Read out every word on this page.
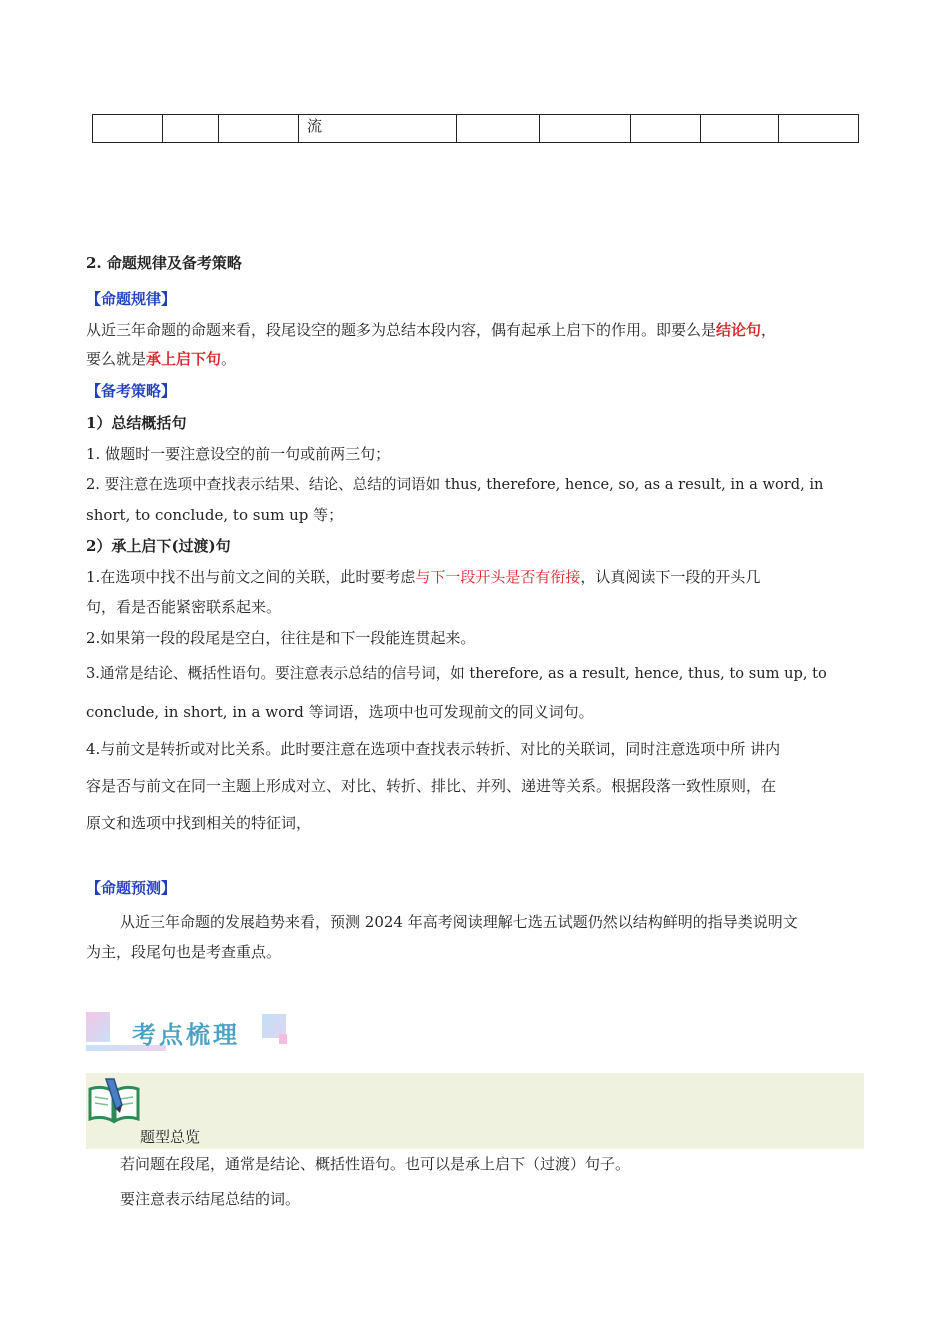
			流					
2. 命题规律及备考策略
【命题规律】
从近三年命题的命题来看，段尾设空的题多为总结本段内容，偶有起承上启下的作用。即要么是结论句，
要么就是承上启下句。
【备考策略】
1）总结概括句
1. 做题时一要注意设空的前一句或前两三句；
2. 要注意在选项中查找表示结果、结论、总结的词语如 thus, therefore, hence, so, as a result, in a word, in
short, to conclude, to sum up 等；
2）承上启下(过渡)句
1.在选项中找不出与前文之间的关联，此时要考虑与下一段开头是否有衔接，认真阅读下一段的开头几
句，看是否能紧密联系起来。
2.如果第一段的段尾是空白，往往是和下一段能连贯起来。
3.通常是结论、概括性语句。要注意表示总结的信号词，如 therefore, as a result, hence, thus, to sum up, to
conclude, in short, in a word 等词语，选项中也可发现前文的同义词句。
4.与前文是转折或对比关系。此时要注意在选项中查找表示转折、对比的关联词，同时注意选项中所 讲内
容是否与前文在同一主题上形成对立、对比、转折、排比、并列、递进等关系。根据段落一致性原则，在
原文和选项中找到相关的特征词，
【命题预测】
从近三年命题的发展趋势来看，预测 2024 年高考阅读理解七选五试题仍然以结构鲜明的指导类说明文
为主，段尾句也是考查重点。
考点梳理
题型总览
若问题在段尾，通常是结论、概括性语句。也可以是承上启下（过渡）句子。
要注意表示结尾总结的词。
